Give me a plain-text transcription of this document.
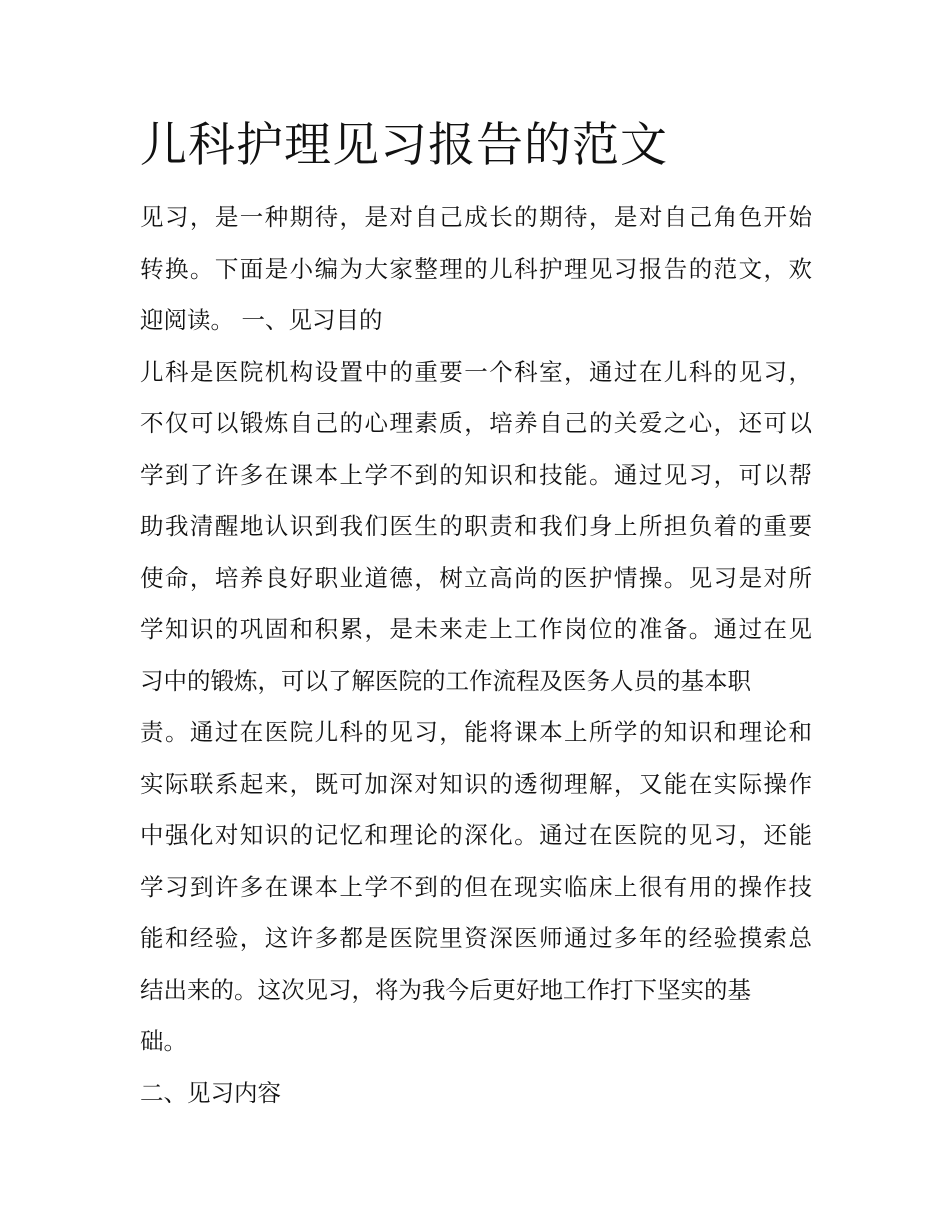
儿科护理见习报告的范文

见习，是一种期待，是对自己成长的期待，是对自己角色开始

转换。下面是小编为大家整理的儿科护理见习报告的范文，欢

迎阅读。 一、见习目的

儿科是医院机构设置中的重要一个科室，通过在儿科的见习，

不仅可以锻炼自己的心理素质，培养自己的关爱之心，还可以

学到了许多在课本上学不到的知识和技能。通过见习，可以帮

助我清醒地认识到我们医生的职责和我们身上所担负着的重要

使命，培养良好职业道德，树立高尚的医护情操。见习是对所

学知识的巩固和积累，是未来走上工作岗位的准备。通过在见

习中的锻炼，可以了解医院的工作流程及医务人员的基本职

责。通过在医院儿科的见习，能将课本上所学的知识和理论和

实际联系起来，既可加深对知识的透彻理解，又能在实际操作

中强化对知识的记忆和理论的深化。通过在医院的见习，还能

学习到许多在课本上学不到的但在现实临床上很有用的操作技

能和经验，这许多都是医院里资深医师通过多年的经验摸索总

结出来的。这次见习，将为我今后更好地工作打下坚实的基

础。

二、见习内容
